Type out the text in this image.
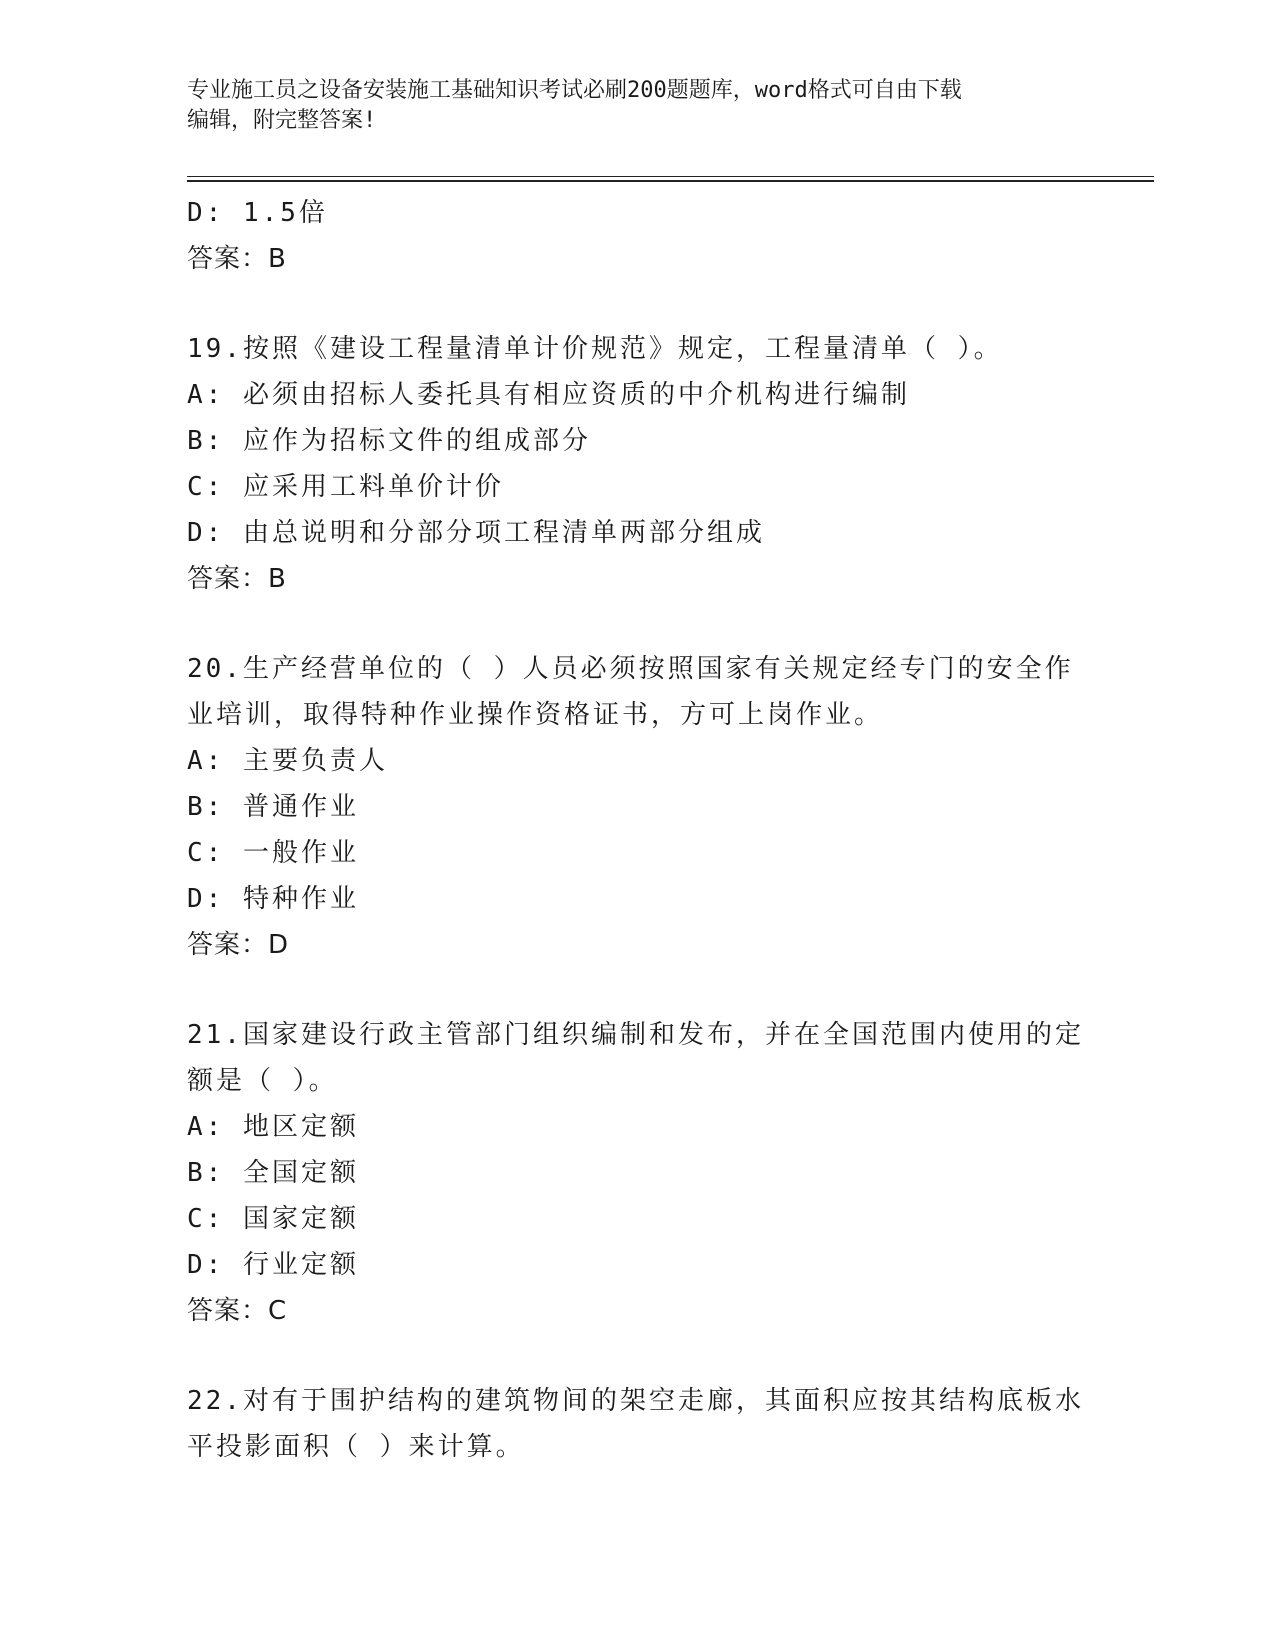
专业施工员之设备安装施工基础知识考试必刷200题题库，word格式可自由下载
编辑，附完整答案!
D: 1.5倍
答案：B
19.按照《建设工程量清单计价规范》规定，工程量清单（ ）。
A: 必须由招标人委托具有相应资质的中介机构进行编制
B: 应作为招标文件的组成部分
C: 应采用工料单价计价
D: 由总说明和分部分项工程清单两部分组成
答案：B
20.生产经营单位的（ ）人员必须按照国家有关规定经专门的安全作
业培训，取得特种作业操作资格证书，方可上岗作业。
A: 主要负责人
B: 普通作业
C: 一般作业
D: 特种作业
答案：D
21.国家建设行政主管部门组织编制和发布，并在全国范围内使用的定
额是（ ）。
A: 地区定额
B: 全国定额
C: 国家定额
D: 行业定额
答案：C
22.对有于围护结构的建筑物间的架空走廊，其面积应按其结构底板水
平投影面积（ ）来计算。
